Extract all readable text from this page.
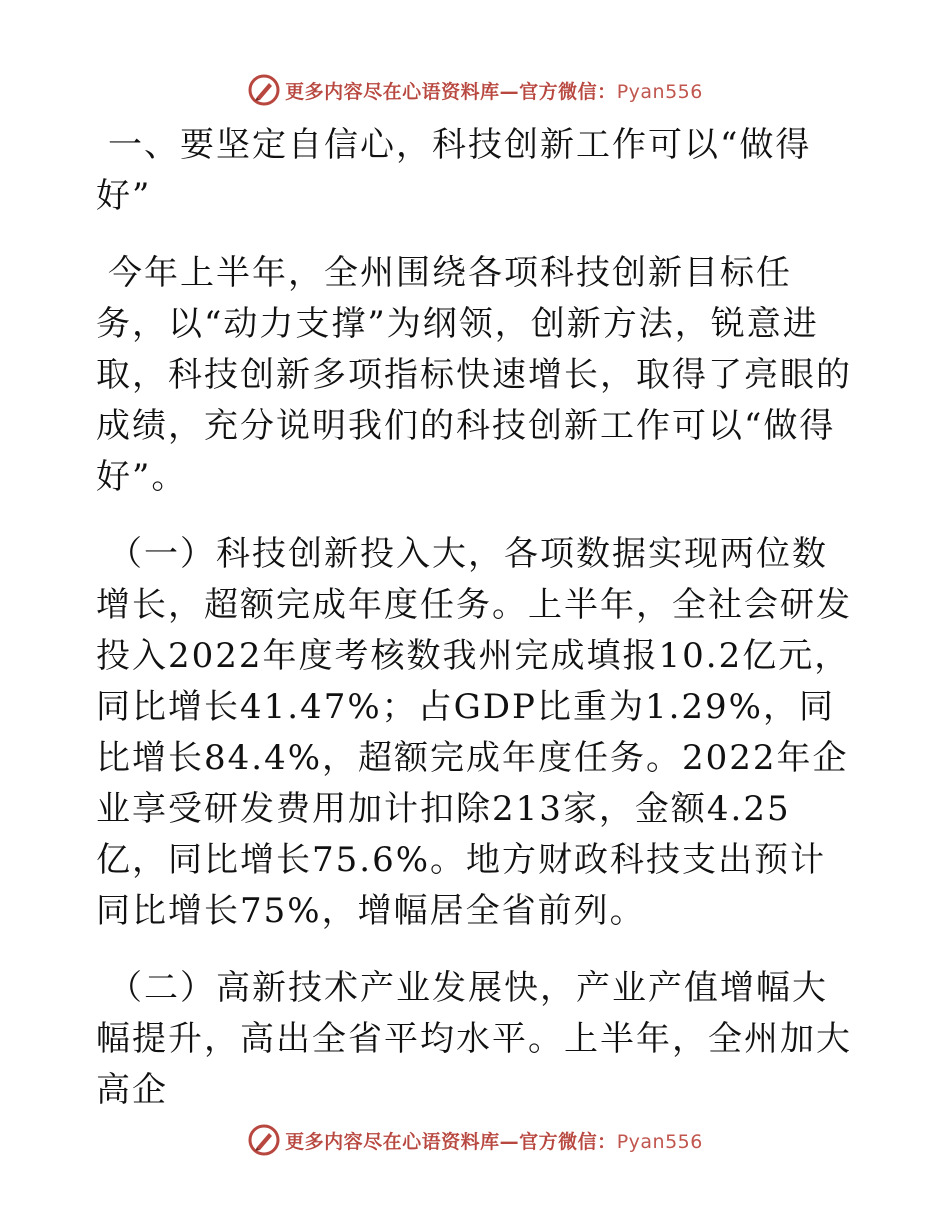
更多内容尽在心语资料库—官方微信：Pyan556

一、要坚定自信心，科技创新工作可以“做得好”

今年上半年，全州围绕各项科技创新目标任务，以“动力支撑”为纲领，创新方法，锐意进取，科技创新多项指标快速增长，取得了亮眼的成绩，充分说明我们的科技创新工作可以“做得好”。

（一）科技创新投入大，各项数据实现两位数增长，超额完成年度任务。上半年，全社会研发投入2022年度考核数我州完成填报10.2亿元，同比增长41.47%；占GDP比重为1.29%，同比增长84.4%，超额完成年度任务。2022年企业享受研发费用加计扣除213家，金额4.25亿，同比增长75.6%。地方财政科技支出预计同比增长75%，增幅居全省前列。

（二）高新技术产业发展快，产业产值增幅大幅提升，高出全省平均水平。上半年，全州加大高企

更多内容尽在心语资料库—官方微信：Pyan556
